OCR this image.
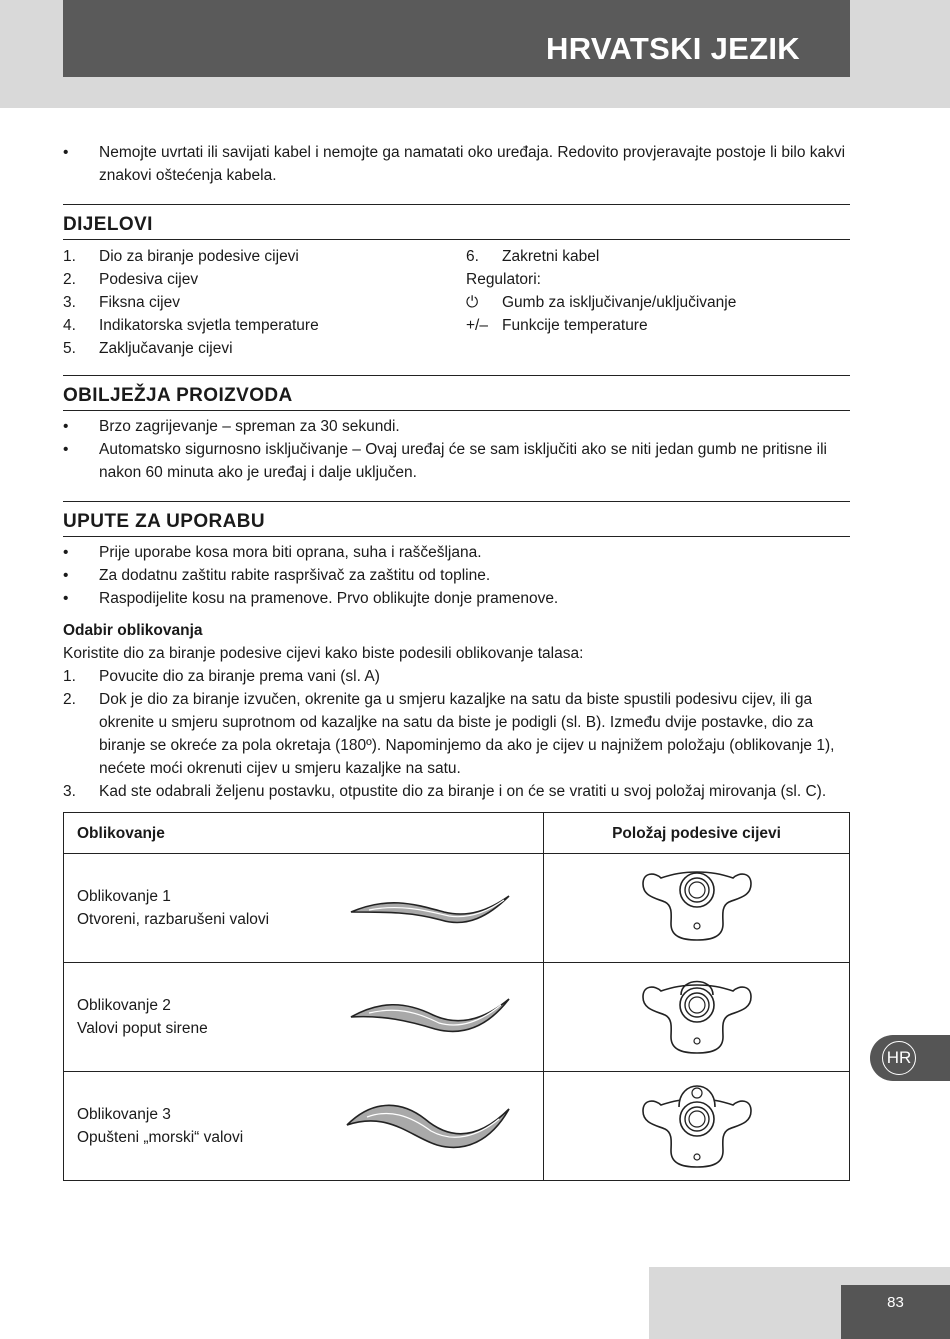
HRVATSKI JEZIK
• Nemojte uvrtati ili savijati kabel i nemojte ga namatati oko uređaja. Redovito provjeravajte postoje li bilo kakvi znakovi oštećenja kabela.
DIJELOVI
1. Dio za biranje podesive cijevi
2. Podesiva cijev
3. Fiksna cijev
4. Indikatorska svjetla temperature
5. Zaključavanje cijevi
6. Zakretni kabel
Regulatori:
⏻ Gumb za isključivanje/uključivanje
+/– Funkcije temperature
OBILJEŽJA PROIZVODA
• Brzo zagrijevanje – spreman za 30 sekundi.
• Automatsko sigurnosno isključivanje – Ovaj uređaj će se sam isključiti ako se niti jedan gumb ne pritisne ili nakon 60 minuta ako je uređaj i dalje uključen.
UPUTE ZA UPORABU
• Prije uporabe kosa mora biti oprana, suha i raščešljana.
• Za dodatnu zaštitu rabite raspršivač za zaštitu od topline.
• Raspodijelite kosu na pramenove. Prvo oblikujte donje pramenove.
Odabir oblikovanja
Koristite dio za biranje podesive cijevi kako biste podesili oblikovanje talasa:
1. Povucite dio za biranje prema vani (sl. A)
2. Dok je dio za biranje izvučen, okrenite ga u smjeru kazaljke na satu da biste spustili podesivu cijev, ili ga okrenite u smjeru suprotnom od kazaljke na satu da biste je podigli (sl. B). Između dvije postavke, dio za biranje se okreće za pola okretaja (180º). Napominjemo da ako je cijev u najnižem položaju (oblikovanje 1), nećete moći okrenuti cijev u smjeru kazaljke na satu.
3. Kad ste odabrali željenu postavku, otpustite dio za biranje i on će se vratiti u svoj položaj mirovanja (sl. C).
Oblikovanje	Položaj podesive cijevi

Oblikovanje 1
Otvoreni, razbarušeni valovi

Oblikovanje 2
Valovi poput sirene

Oblikovanje 3
Opušteni „morski“ valovi

HR
83
